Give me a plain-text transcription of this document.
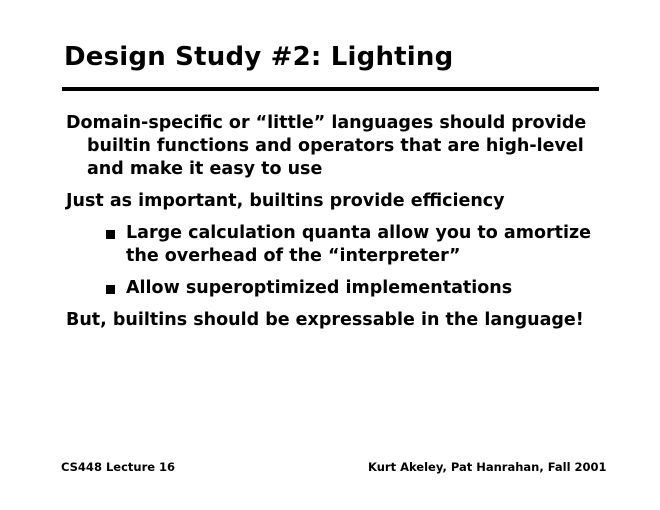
Design Study #2: Lighting

Domain-specific or “little” languages should provide builtin functions and operators that are high-level and make it easy to use

Just as important, builtins provide efficiency

Large calculation quanta allow you to amortize the overhead of the “interpreter”
Allow superoptimized implementations

But, builtins should be expressable in the language!

CS448 Lecture 16	Kurt Akeley, Pat Hanrahan, Fall 2001
